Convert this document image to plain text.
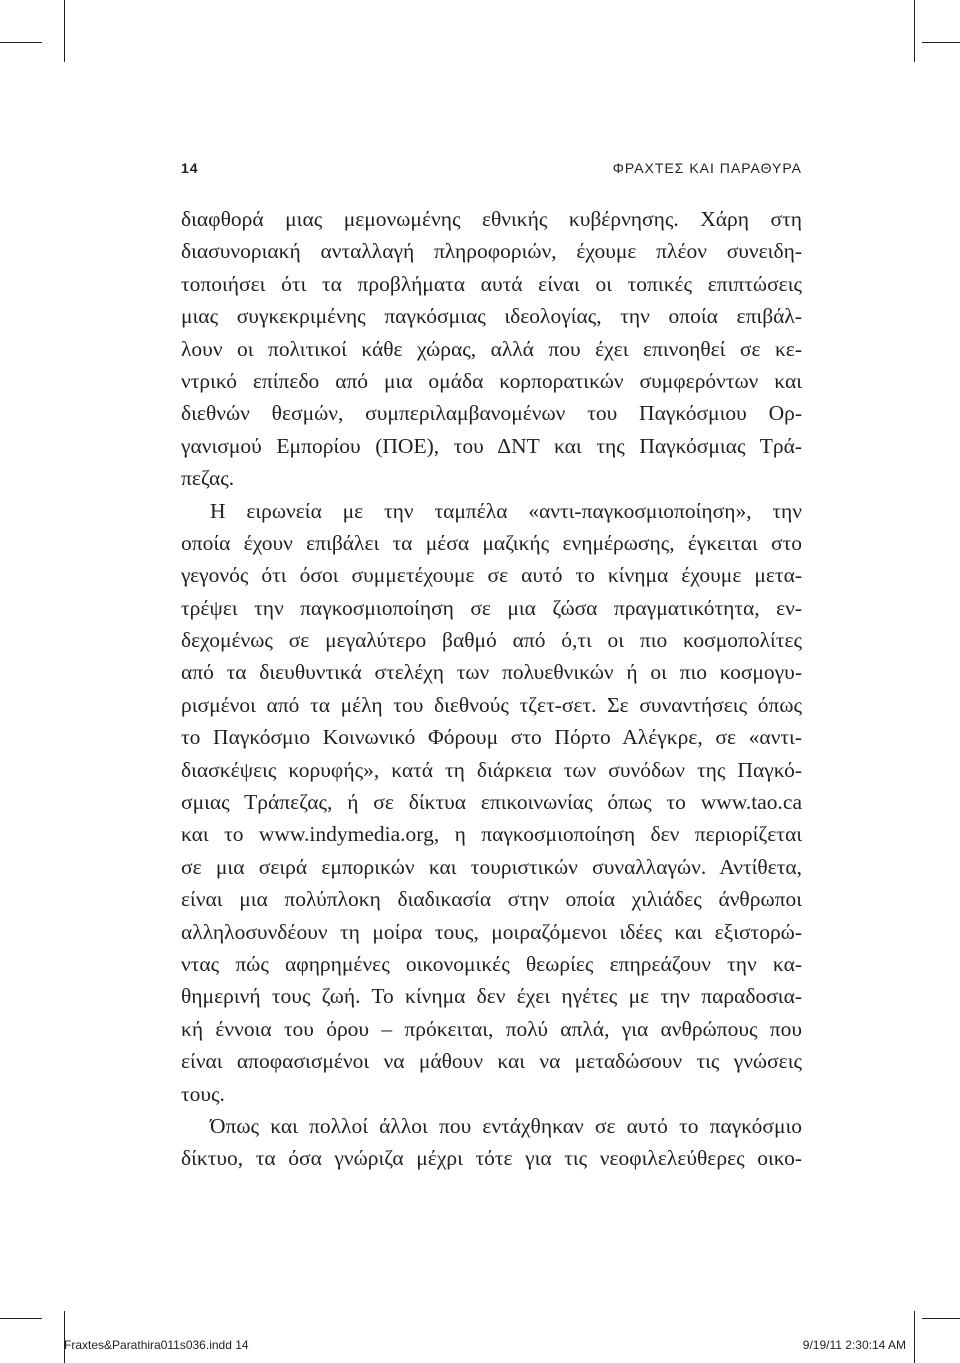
14	ΦΡΑΧΤΕΣ ΚΑΙ ΠΑΡΑΘΥΡΑ
διαφθορά μιας μεμονωμένης εθνικής κυβέρνησης. Χάρη στη
διασυνοριακή ανταλλαγή πληροφοριών, έχουμε πλέον συνειδη-
τοποιήσει ότι τα προβλήματα αυτά είναι οι τοπικές επιπτώσεις
μιας συγκεκριμένης παγκόσμιας ιδεολογίας, την οποία επιβάλ-
λουν οι πολιτικοί κάθε χώρας, αλλά που έχει επινοηθεί σε κε-
ντρικό επίπεδο από μια ομάδα κορπορατικών συμφερόντων και
διεθνών θεσμών, συμπεριλαμβανομένων του Παγκόσμιου Ορ-
γανισμού Εμπορίου (ΠΟΕ), του ΔΝΤ και της Παγκόσμιας Τρά-
πεζας.
Η ειρωνεία με την ταμπέλα «αντι-παγκοσμιοποίηση», την
οποία έχουν επιβάλει τα μέσα μαζικής ενημέρωσης, έγκειται στο
γεγονός ότι όσοι συμμετέχουμε σε αυτό το κίνημα έχουμε μετα-
τρέψει την παγκοσμιοποίηση σε μια ζώσα πραγματικότητα, εν-
δεχομένως σε μεγαλύτερο βαθμό από ό,τι οι πιο κοσμοπολίτες
από τα διευθυντικά στελέχη των πολυεθνικών ή οι πιο κοσμογυ-
ρισμένοι από τα μέλη του διεθνούς τζετ-σετ. Σε συναντήσεις όπως
το Παγκόσμιο Κοινωνικό Φόρουμ στο Πόρτο Αλέγκρε, σε «αντι-
διασκέψεις κορυφής», κατά τη διάρκεια των συνόδων της Παγκό-
σμιας Τράπεζας, ή σε δίκτυα επικοινωνίας όπως το www.tao.ca
και το www.indymedia.org, η παγκοσμιοποίηση δεν περιορίζεται
σε μια σειρά εμπορικών και τουριστικών συναλλαγών. Αντίθετα,
είναι μια πολύπλοκη διαδικασία στην οποία χιλιάδες άνθρωποι
αλληλοσυνδέουν τη μοίρα τους, μοιραζόμενοι ιδέες και εξιστορώ-
ντας πώς αφηρημένες οικονομικές θεωρίες επηρεάζουν την κα-
θημερινή τους ζωή. Το κίνημα δεν έχει ηγέτες με την παραδοσια-
κή έννοια του όρου – πρόκειται, πολύ απλά, για ανθρώπους που
είναι αποφασισμένοι να μάθουν και να μεταδώσουν τις γνώσεις
τους.
Όπως και πολλοί άλλοι που εντάχθηκαν σε αυτό το παγκόσμιο
δίκτυο, τα όσα γνώριζα μέχρι τότε για τις νεοφιλελεύθερες οικο-
Fraxtes&Parathira011s036.indd 14	9/19/11 2:30:14 AM
